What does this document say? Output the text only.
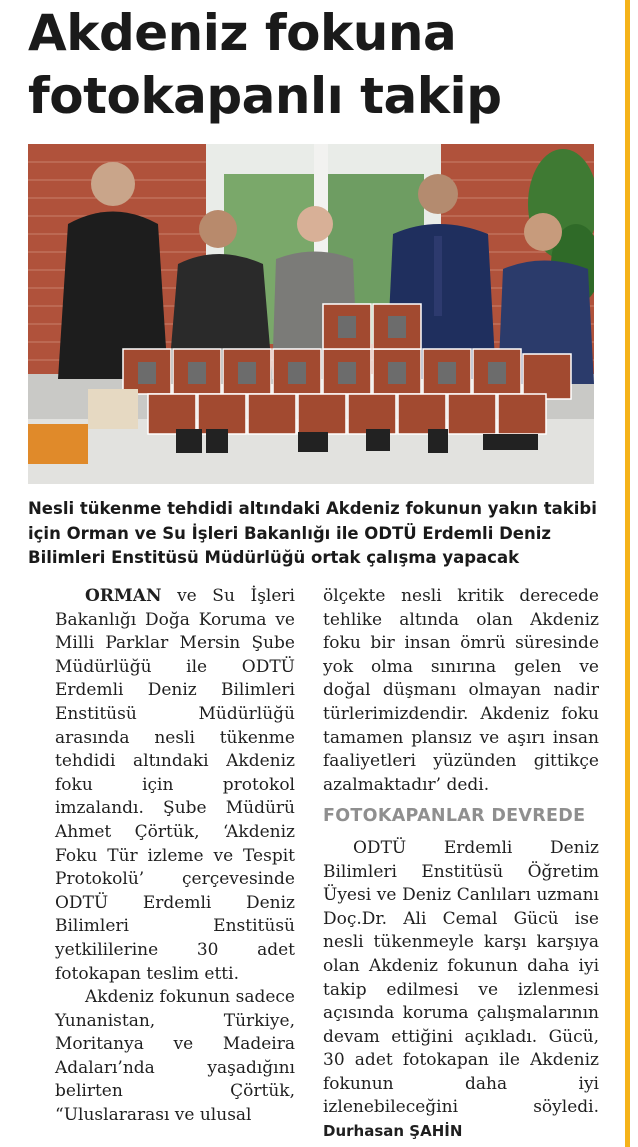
Akdeniz fokuna
fotokapanlı takip

Nesli tükenme tehdidi altındaki Akdeniz fokunun yakın takibi için Orman ve Su İşleri Bakanlığı ile ODTÜ Erdemli Deniz Bilimleri Enstitüsü Müdürlüğü ortak çalışma yapacak

ORMAN ve Su İşleri Bakanlığı Doğa Koruma ve Milli Parklar Mersin Şube Müdürlüğü ile ODTÜ Erdemli Deniz Bilimleri Enstitüsü Müdürlüğü arasında nesli tükenme tehdidi altındaki Akdeniz foku için protokol imzalandı. Şube Müdürü Ahmet Çörtük, ‘Akdeniz Foku Tür izleme ve Tespit Protokolü’ çerçevesinde ODTÜ Erdemli Deniz Bilimleri Enstitüsü yetkililerine 30 adet fotokapan teslim etti.

Akdeniz fokunun sadece Yunanistan, Türkiye, Moritanya ve Madeira Adaları’nda yaşadığını belirten Çörtük, “Uluslararası ve ulusal

ölçekte nesli kritik derecede tehlike altında olan Akdeniz foku bir insan ömrü süresinde yok olma sınırına gelen ve doğal düşmanı olmayan nadir türlerimizdendir. Akdeniz foku tamamen plansız ve aşırı insan faaliyetleri yüzünden gittikçe azalmaktadır’ dedi.

FOTOKAPANLAR DEVREDE

ODTÜ Erdemli Deniz Bilimleri Enstitüsü Öğretim Üyesi ve Deniz Canlıları uzmanı Doç.Dr. Ali Cemal Gücü ise nesli tükenmeyle karşı karşıya olan Akdeniz fokunun daha iyi takip edilmesi ve izlenmesi açısında koruma çalışmalarının devam ettiğini açıkladı. Gücü, 30 adet fotokapan ile Akdeniz fokunun daha iyi izlenebileceğini söyledi. Durhasan ŞAHİN
